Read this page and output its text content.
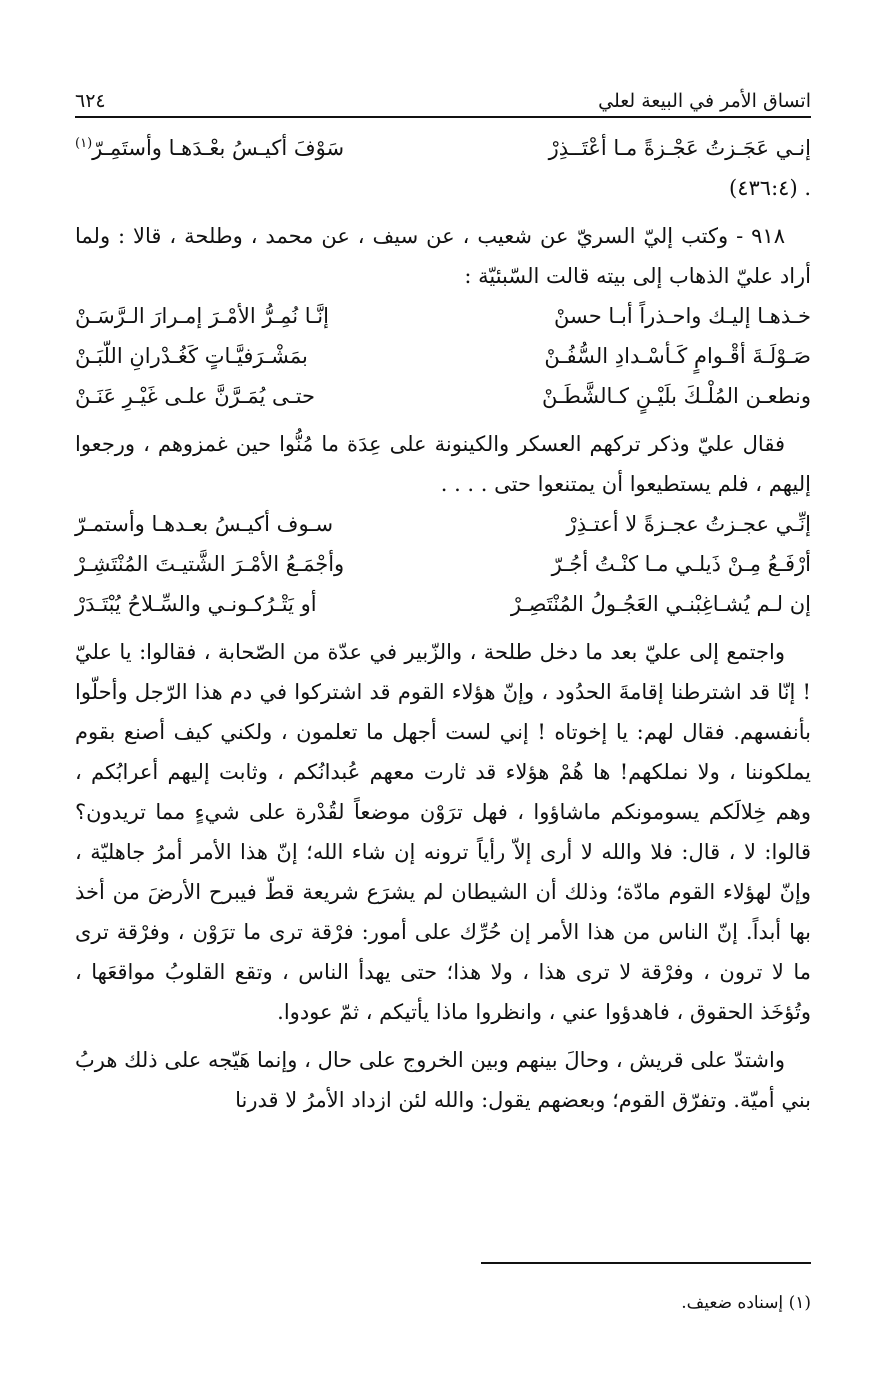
اتساق الأمر في البيعة لعلي
٦٢٤
إنـي عَجَـزتُ عَجْـزةً مـا أعْتَــذِرْ
سَوْفَ أكيـسُ بعْـدَهـا وأستَمِـرّ$^{(١)}$
. (٤٣٦:٤)

٩١٨ - وكتب إليّ السريّ عن شعيب ، عن سيف ، عن محمد ، وطلحة ، قالا : ولما أراد عليّ الذهاب إلى بيته قالت السّبئيّة :

خـذهـا إليـك واحـذراً أبـا حسنْ
إنَّـا نُمِـرُّ الأمْـرَ إمـرارَ الـرَّسَـنْ
صَـوْلَـةَ أقْـوامٍ كَـأسْـدادِ السُّفُـنْ
بمَشْـرَفيَّـاتٍ كَغُـدْرانِ اللّبَـنْ
ونطعـن المُلْـكَ بلَيْـنٍ كـالشَّطَـنْ
حتـى يُمَـرَّنَّ علـى غَيْـرِ عَنَـنْ

فقال عليّ وذكر تركهم العسكر والكينونة على عِدَة ما مُنُّوا حين غمزوهم ، ورجعوا إليهم ، فلم يستطيعوا أن يمتنعوا حتى . . . .

إنِّـي عجـزتُ عجـزةً لا أعتـذِرْ
سـوف أكيـسُ بعـدهـا وأستمـرّ
أرْفَـعُ مِـنْ ذَيلـي مـا كنْـتُ أجُـرّ
وأجْمَـعُ الأمْـرَ الشَّتيـتَ المُنْتَشِـرْ
إن لـم يُشـاغِبْنـي العَجُـولُ المُنْتَصِـرْ
أو يَتْـرُكـونـي والسِّـلاحُ يُبْتَـدَرْ

واجتمع إلى عليّ بعد ما دخل طلحة ، والزّبير في عدّة من الصّحابة ، فقالوا: يا عليّ ! إنّا قد اشترطنا إقامةَ الحدُود ، وإنّ هؤلاء القوم قد اشتركوا في دم هذا الرّجل وأحلّوا بأنفسهم. فقال لهم: يا إخوتاه ! إني لست أجهل ما تعلمون ، ولكني كيف أصنع بقوم يملكوننا ، ولا نملكهم! ها هُمْ هؤلاء قد ثارت معهم عُبدانُكم ، وثابت إليهم أعرابُكم ، وهم خِلالَكم يسومونكم ماشاؤوا ، فهل ترَوْن موضعاً لقُدْرة على شيءٍ مما تريدون؟ قالوا: لا ، قال: فلا والله لا أرى إلاّ رأياً ترونه إن شاء الله؛ إنّ هذا الأمر أمرُ جاهليّة ، وإنّ لهؤلاء القوم مادّة؛ وذلك أن الشيطان لم يشرَع شريعة قطّ فيبرح الأرضَ من أخذ بها أبداً. إنّ الناس من هذا الأمر إن حُرِّك على أمور: فرْقة ترى ما ترَوْن ، وفرْقة ترى ما لا ترون ، وفرْقة لا ترى هذا ، ولا هذا؛ حتى يهدأ الناس ، وتقع القلوبُ مواقعَها ، وتُؤخَذ الحقوق ، فاهدؤوا عني ، وانظروا ماذا يأتيكم ، ثمّ عودوا.

واشتدّ على قريش ، وحالَ بينهم وبين الخروج على حال ، وإنما هَيّجه على ذلك هربُ بني أميّة. وتفرّق القوم؛ وبعضهم يقول: والله لئن ازداد الأمرُ لا قدرنا

(١) إسناده ضعيف.
